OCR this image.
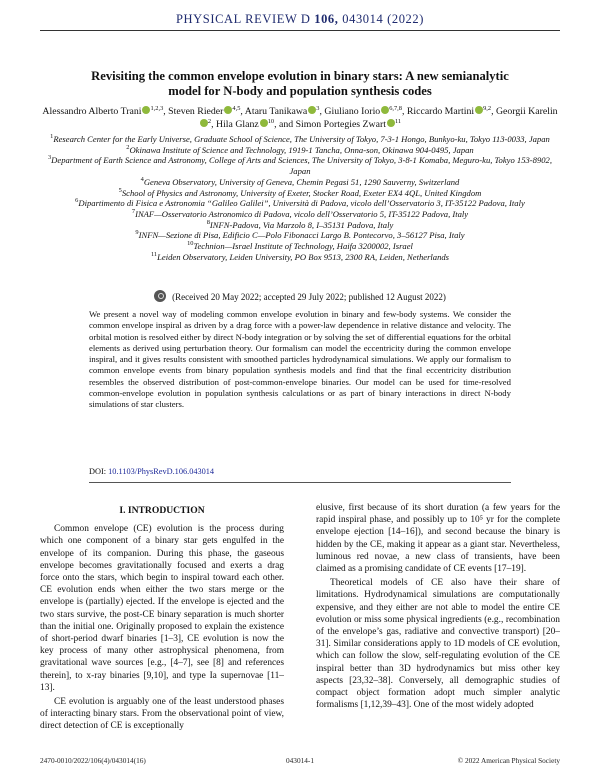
PHYSICAL REVIEW D 106, 043014 (2022)
Revisiting the common envelope evolution in binary stars: A new semianalytic model for N-body and population synthesis codes
Alessandro Alberto Trani $^{1,2,3}$, Steven Rieder $^{4,5}$, Ataru Tanikawa $^3$, Giuliano Iorio $^{6,7,8}$, Riccardo Martini $^{9,2}$, Georgii Karelin$^2$, Hila Glanz $^{10}$, and Simon Portegies Zwart $^{11}$
$^1$Research Center for the Early Universe, Graduate School of Science, The University of Tokyo, 7-3-1 Hongo, Bunkyo-ku, Tokyo 113-0033, Japan
$^2$Okinawa Institute of Science and Technology, 1919-1 Tancha, Onna-son, Okinawa 904-0495, Japan
$^3$Department of Earth Science and Astronomy, College of Arts and Sciences, The University of Tokyo, 3-8-1 Komaba, Meguro-ku, Tokyo 153-8902, Japan
$^4$Geneva Observatory, University of Geneva, Chemin Pegasi 51, 1290 Sauverny, Switzerland
$^5$School of Physics and Astronomy, University of Exeter, Stocker Road, Exeter EX4 4QL, United Kingdom
$^6$Dipartimento di Fisica e Astronomia “Galileo Galilei”, Università di Padova, vicolo dell’Osservatorio 3, IT-35122 Padova, Italy
$^7$INAF—Osservatorio Astronomico di Padova, vicolo dell’Osservatorio 5, IT-35122 Padova, Italy
$^8$INFN-Padova, Via Marzolo 8, I–35131 Padova, Italy
$^9$INFN—Sezione di Pisa, Edificio C—Polo Fibonacci Largo B. Pontecorvo, 3–56127 Pisa, Italy
$^{10}$Technion—Israel Institute of Technology, Haifa 3200002, Israel
$^{11}$Leiden Observatory, Leiden University, PO Box 9513, 2300 RA, Leiden, Netherlands
(Received 20 May 2022; accepted 29 July 2022; published 12 August 2022)
We present a novel way of modeling common envelope evolution in binary and few-body systems. We consider the common envelope inspiral as driven by a drag force with a power-law dependence in relative distance and velocity. The orbital motion is resolved either by direct N-body integration or by solving the set of differential equations for the orbital elements as derived using perturbation theory. Our formalism can model the eccentricity during the common envelope inspiral, and it gives results consistent with smoothed particles hydrodynamical simulations. We apply our formalism to common envelope events from binary population synthesis models and find that the final eccentricity distribution resembles the observed distribution of post-common-envelope binaries. Our model can be used for time-resolved common-envelope evolution in population synthesis calculations or as part of binary interactions in direct N-body simulations of star clusters.
DOI: 10.1103/PhysRevD.106.043014
I. INTRODUCTION

Common envelope (CE) evolution is the process during which one component of a binary star gets engulfed in the envelope of its companion. During this phase, the gaseous envelope becomes gravitationally focused and exerts a drag force onto the stars, which begin to inspiral toward each other. CE evolution ends when either the two stars merge or the envelope is (partially) ejected. If the envelope is ejected and the two stars survive, the post-CE binary separation is much shorter than the initial one. Originally proposed to explain the existence of short-period dwarf binaries [1–3], CE evolution is now the key process of many other astrophysical phenomena, from gravitational wave sources [e.g., [4–7], see [8] and references therein], to x-ray binaries [9,10], and type Ia supernovae [11–13].

CE evolution is arguably one of the least understood phases of interacting binary stars. From the observational point of view, direct detection of CE is exceptionally

elusive, first because of its short duration (a few years for the rapid inspiral phase, and possibly up to 10⁵ yr for the complete envelope ejection [14–16]), and second because the binary is hidden by the CE, making it appear as a giant star. Nevertheless, luminous red novae, a new class of transients, have been claimed as a promising candidate of CE events [17–19].

Theoretical models of CE also have their share of limitations. Hydrodynamical simulations are computationally expensive, and they either are not able to model the entire CE evolution or miss some physical ingredients (e.g., recombination of the envelope’s gas, radiative and convective transport) [20–31]. Similar considerations apply to 1D models of CE evolution, which can follow the slow, self-regulating evolution of the CE inspiral better than 3D hydrodynamics but miss other key aspects [23,32–38]. Conversely, all demographic studies of compact object formation adopt much simpler analytic formalisms [1,12,39–43]. One of the most widely adopted

2470-0010/2022/106(4)/043014(16)	043014-1	© 2022 American Physical Society
